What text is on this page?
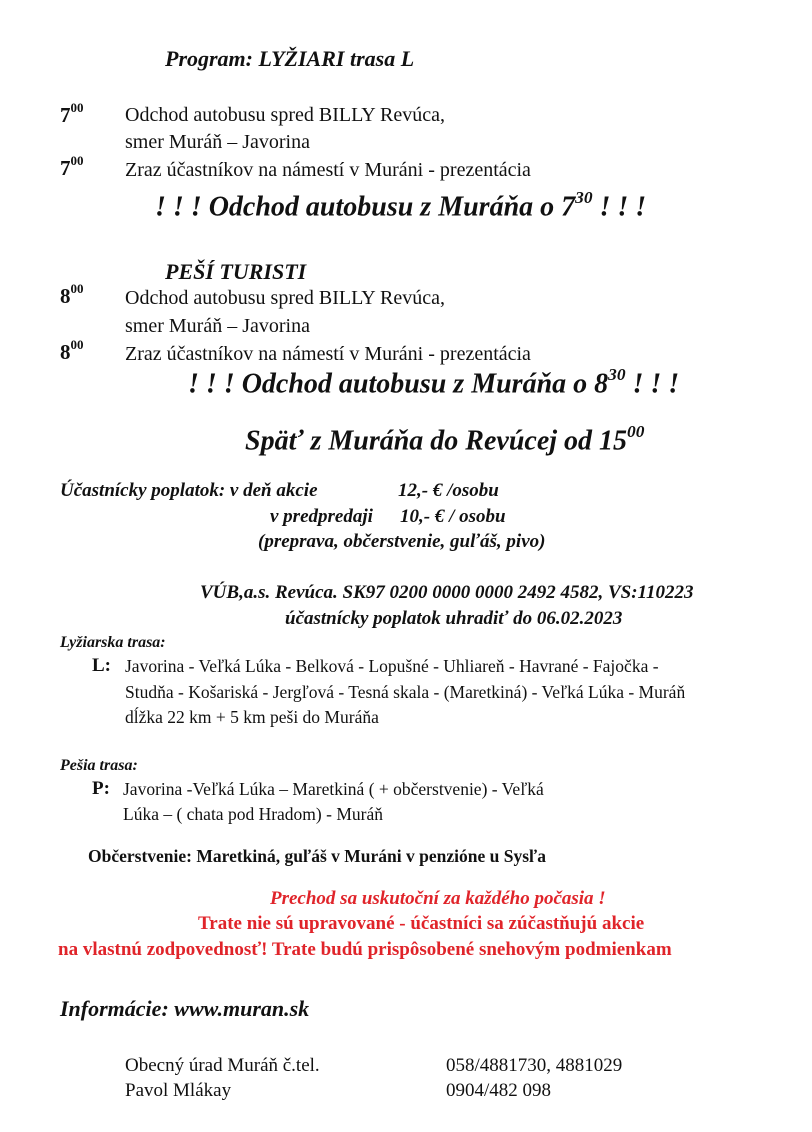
Program: LYŽIARI trasa L
$7^{00}$ Odchod autobusu spred BILLY Revúca,
smer Muráň – Javorina
$7^{00}$ Zraz účastníkov na námestí v Muráni - prezentácia
! ! ! Odchod autobusu z Muráňa o $7^{30}$ ! ! !
PEŠÍ TURISTI
$8^{00}$ Odchod autobusu spred BILLY Revúca,
smer Muráň – Javorina
$8^{00}$ Zraz účastníkov na námestí v Muráni - prezentácia
! ! ! Odchod autobusu z Muráňa o $8^{30}$ ! ! !
Späť z Muráňa do Revúcej od $15^{00}$
Účastnícky poplatok: v deň akcie	12,- € /osobu
v predpredaji 10,- € / osobu
(preprava, občerstvenie, guľáš, pivo)
VÚB,a.s. Revúca. SK97 0200 0000 0000 2492 4582, VS:110223
účastnícky poplatok uhradiť do 06.02.2023
Lyžiarska trasa:
L: Javorina - Veľká Lúka - Belková - Lopušné - Uhliareň - Havrané - Fajočka -
Studňa - Košariská - Jergľová - Tesná skala - (Maretkiná) - Veľká Lúka - Muráň
dĺžka 22 km + 5 km peši do Muráňa
Pešia trasa:
P: Javorina -Veľká Lúka – Maretkiná ( + občerstvenie) - Veľká
Lúka – ( chata pod Hradom) - Muráň
Občerstvenie: Maretkiná, guľáš v Muráni v penzióne u Sysľa
Prechod sa uskutoční za každého počasia !
Trate nie sú upravované - účastníci sa zúčastňujú akcie
na vlastnú zodpovednosť! Trate budú prispôsobené snehovým podmienkam
Informácie: www.muran.sk
Obecný úrad Muráň č.tel.	058/4881730, 4881029
Pavol Mlákay	0904/482 098
